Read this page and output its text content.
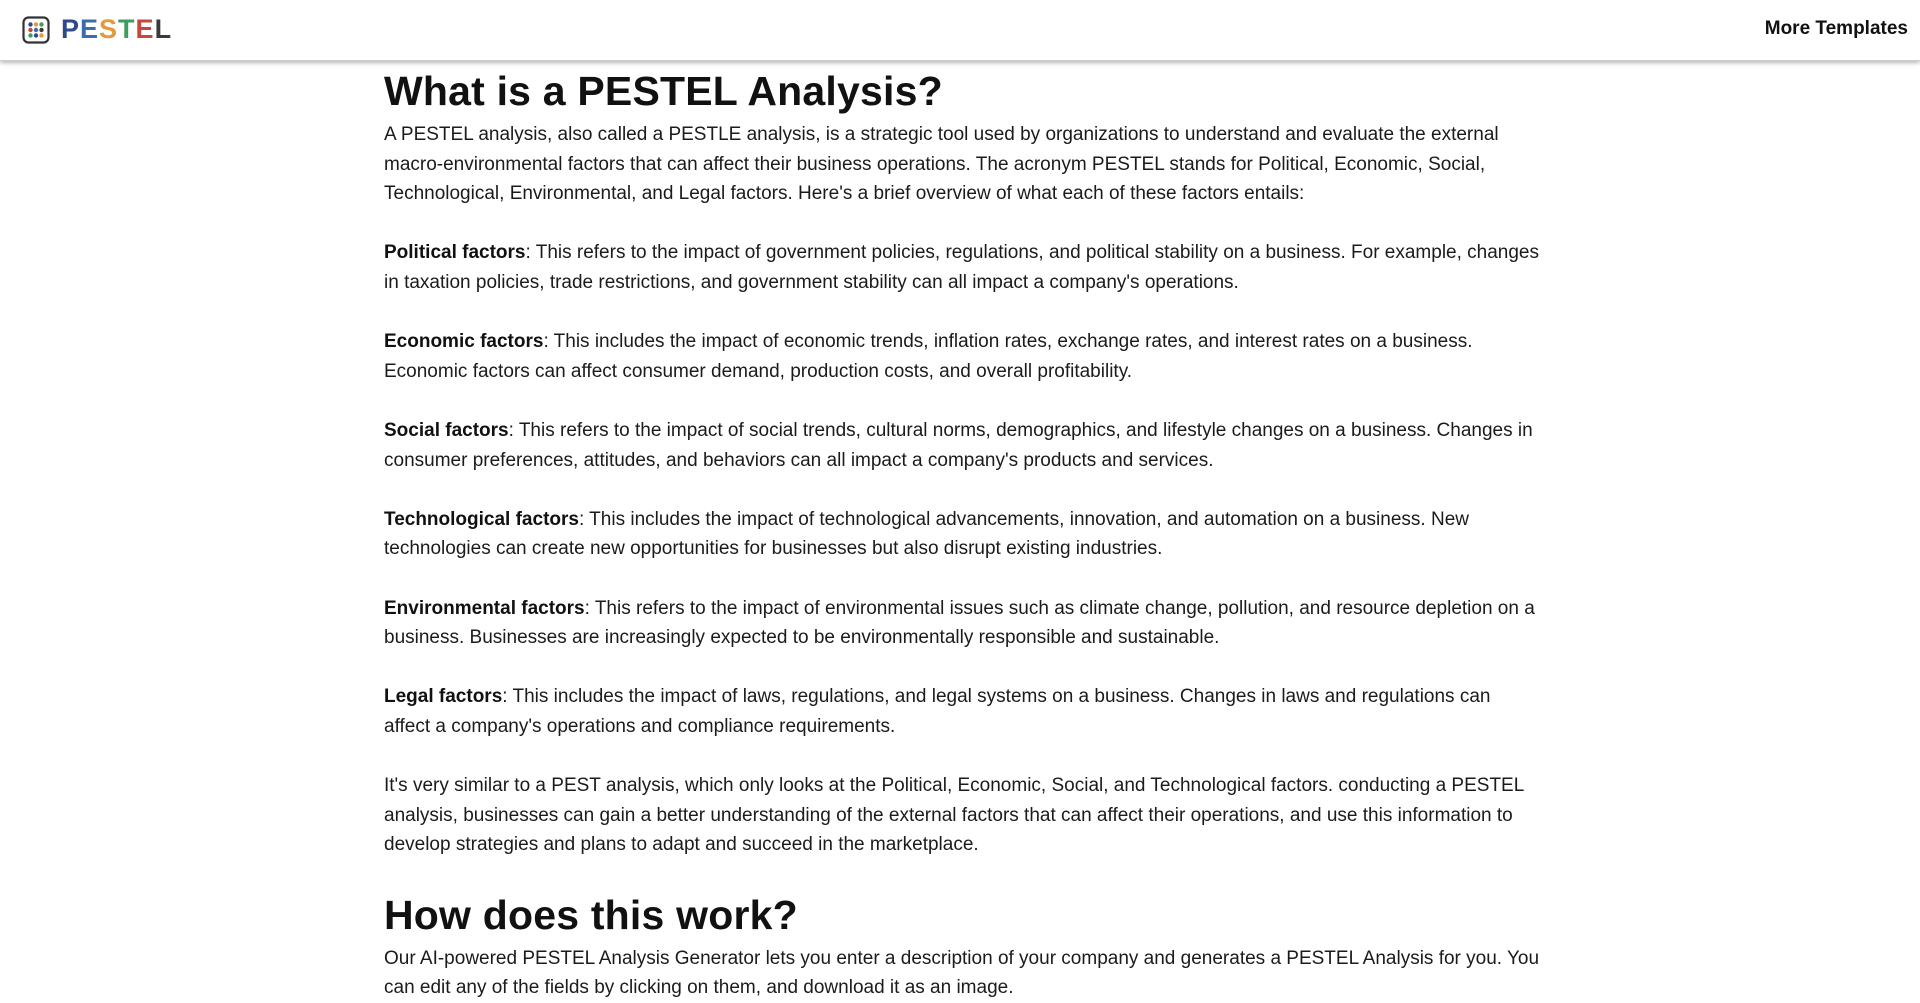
PESTEL	More Templates
What is a PESTEL Analysis?

A PESTEL analysis, also called a PESTLE analysis, is a strategic tool used by organizations to understand and evaluate the external macro-environmental factors that can affect their business operations. The acronym PESTEL stands for Political, Economic, Social, Technological, Environmental, and Legal factors. Here's a brief overview of what each of these factors entails:

Political factors: This refers to the impact of government policies, regulations, and political stability on a business. For example, changes in taxation policies, trade restrictions, and government stability can all impact a company's operations.

Economic factors: This includes the impact of economic trends, inflation rates, exchange rates, and interest rates on a business. Economic factors can affect consumer demand, production costs, and overall profitability.

Social factors: This refers to the impact of social trends, cultural norms, demographics, and lifestyle changes on a business. Changes in consumer preferences, attitudes, and behaviors can all impact a company's products and services.

Technological factors: This includes the impact of technological advancements, innovation, and automation on a business. New technologies can create new opportunities for businesses but also disrupt existing industries.

Environmental factors: This refers to the impact of environmental issues such as climate change, pollution, and resource depletion on a business. Businesses are increasingly expected to be environmentally responsible and sustainable.

Legal factors: This includes the impact of laws, regulations, and legal systems on a business. Changes in laws and regulations can affect a company's operations and compliance requirements.

It's very similar to a PEST analysis, which only looks at the Political, Economic, Social, and Technological factors. conducting a PESTEL analysis, businesses can gain a better understanding of the external factors that can affect their operations, and use this information to develop strategies and plans to adapt and succeed in the marketplace.

How does this work?

Our AI-powered PESTEL Analysis Generator lets you enter a description of your company and generates a PESTEL Analysis for you. You can edit any of the fields by clicking on them, and download it as an image.
